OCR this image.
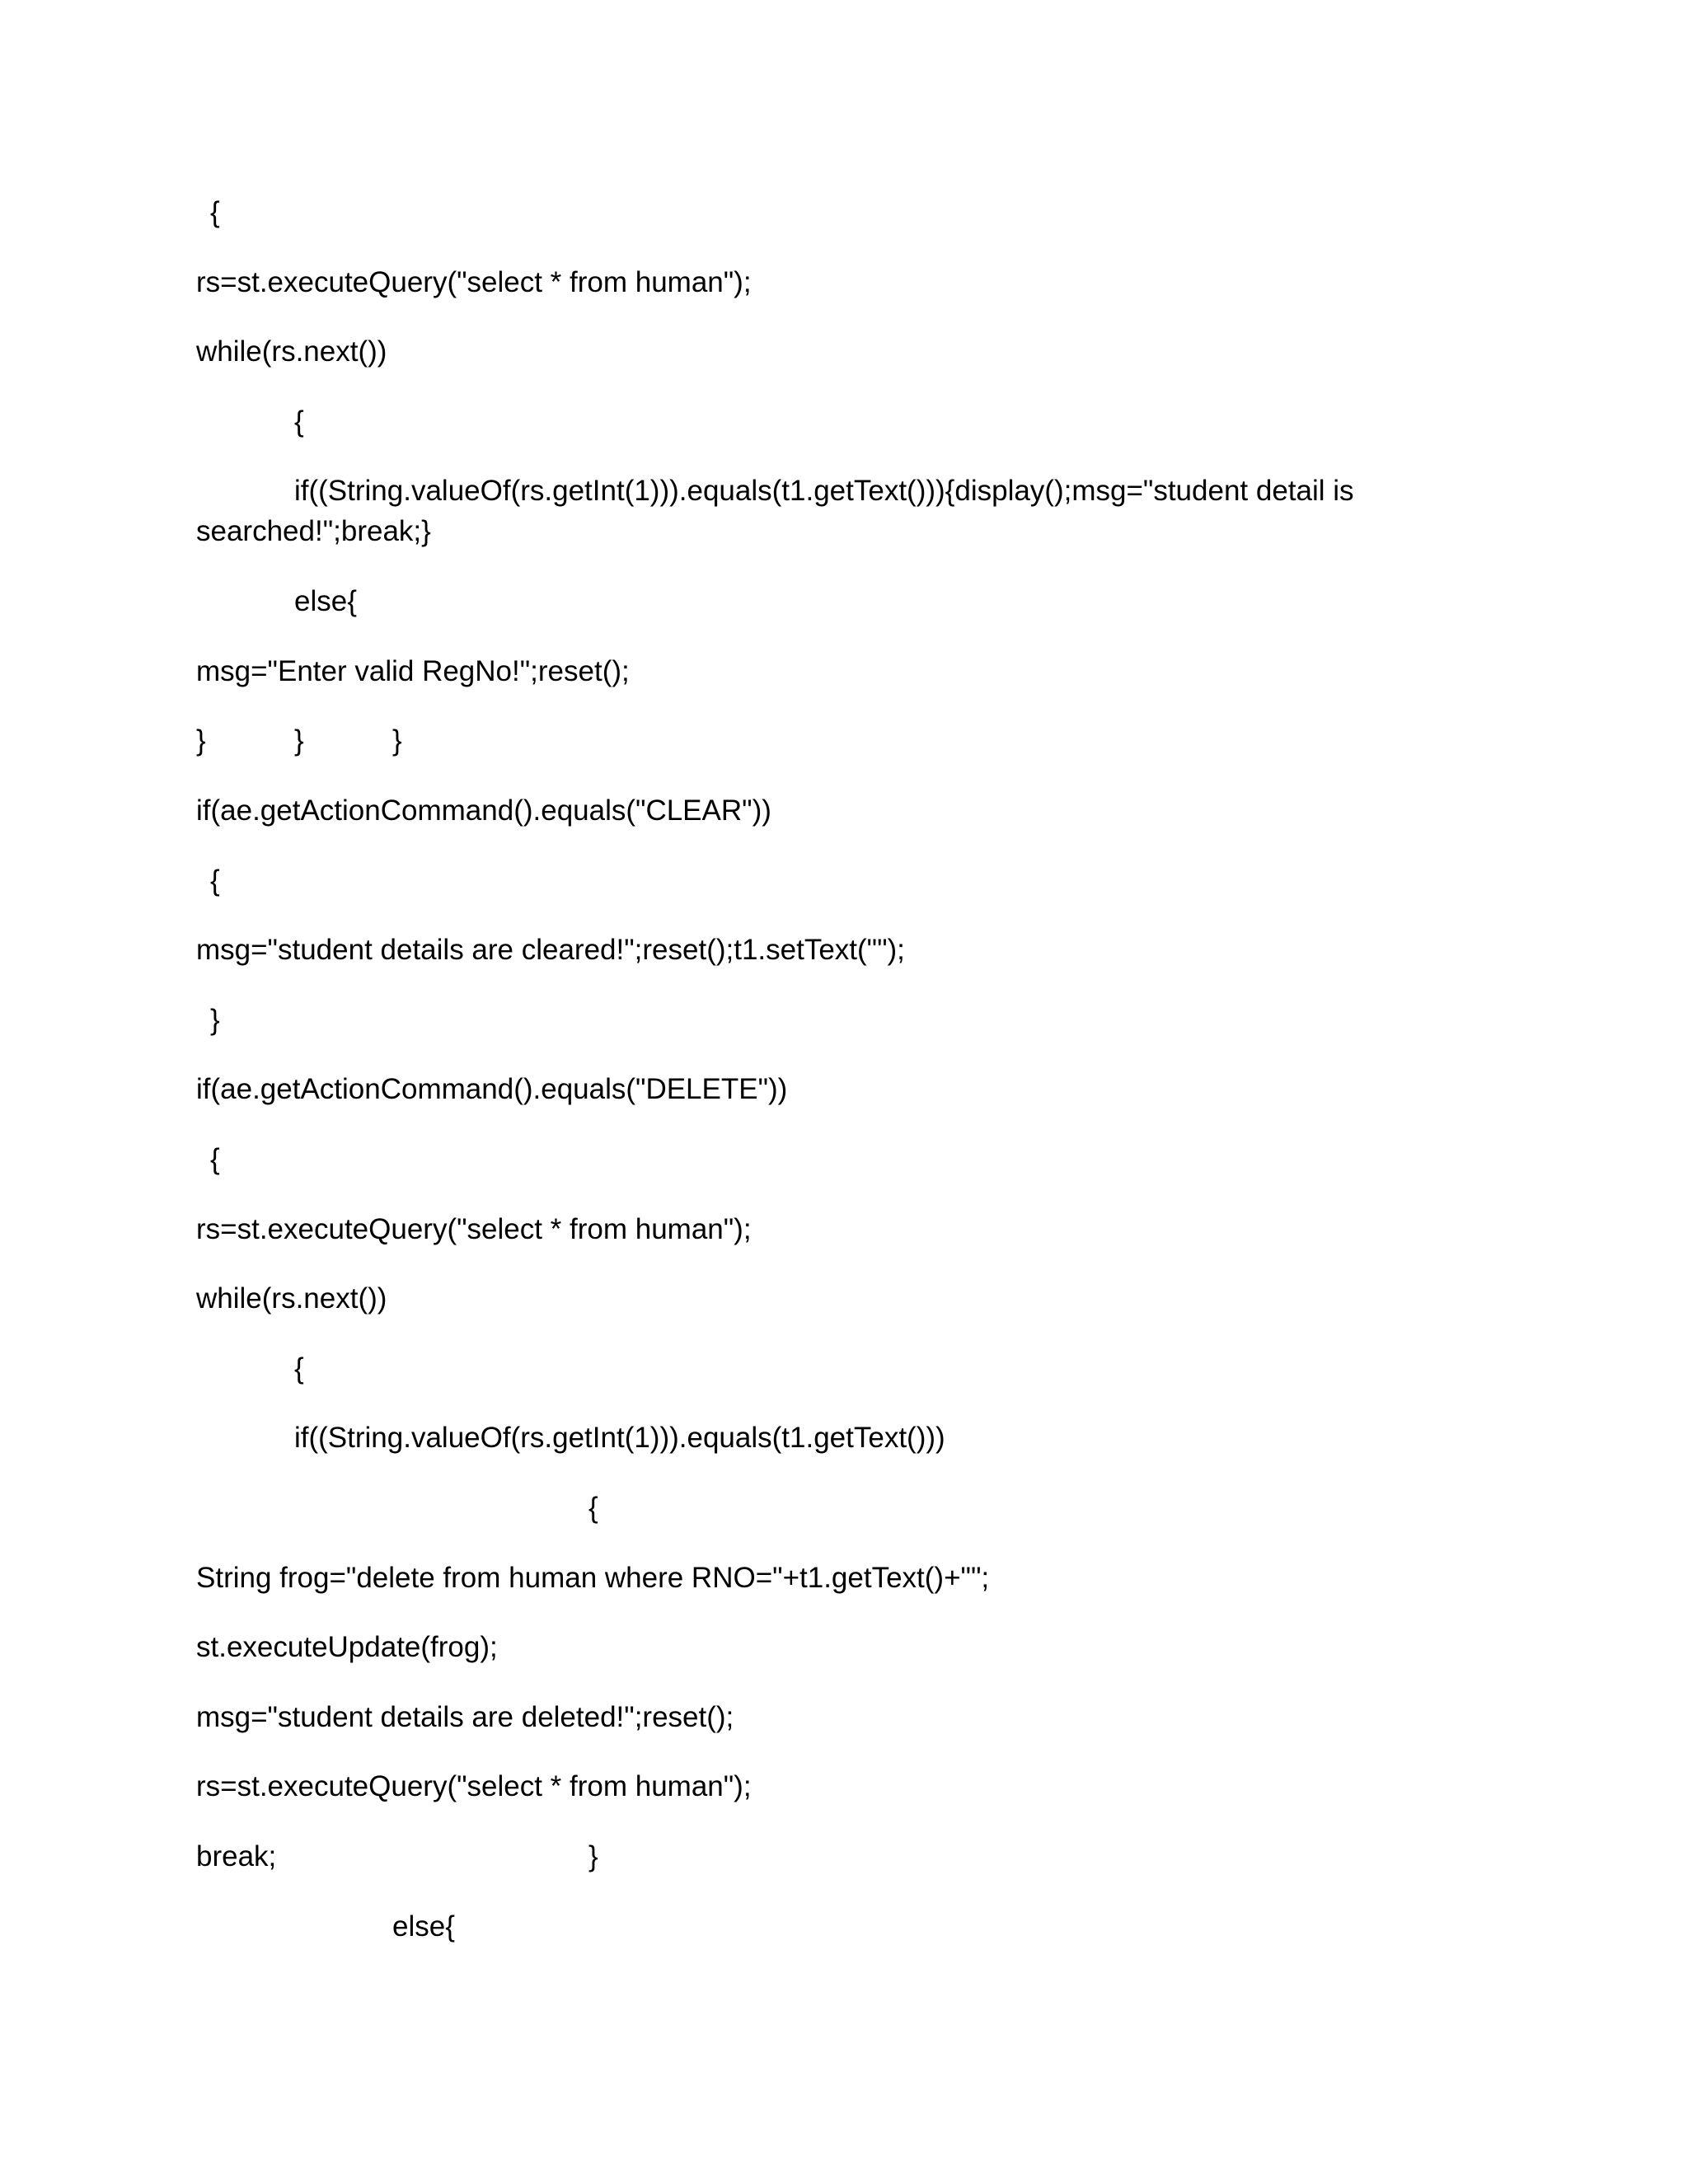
{
rs=st.executeQuery("select * from human");
while(rs.next())
{
if((String.valueOf(rs.getInt(1))).equals(t1.getText())){display();msg="student detail is
searched!";break;}
else{
msg="Enter valid RegNo!";reset();
}	}	}
if(ae.getActionCommand().equals("CLEAR"))
{
msg="student details are cleared!";reset();t1.setText("");
}
if(ae.getActionCommand().equals("DELETE"))
{
rs=st.executeQuery("select * from human");
while(rs.next())
{
if((String.valueOf(rs.getInt(1))).equals(t1.getText()))
{
String frog="delete from human where RNO="+t1.getText()+"";
st.executeUpdate(frog);
msg="student details are deleted!";reset();
rs=st.executeQuery("select * from human");
break;	}
else{
